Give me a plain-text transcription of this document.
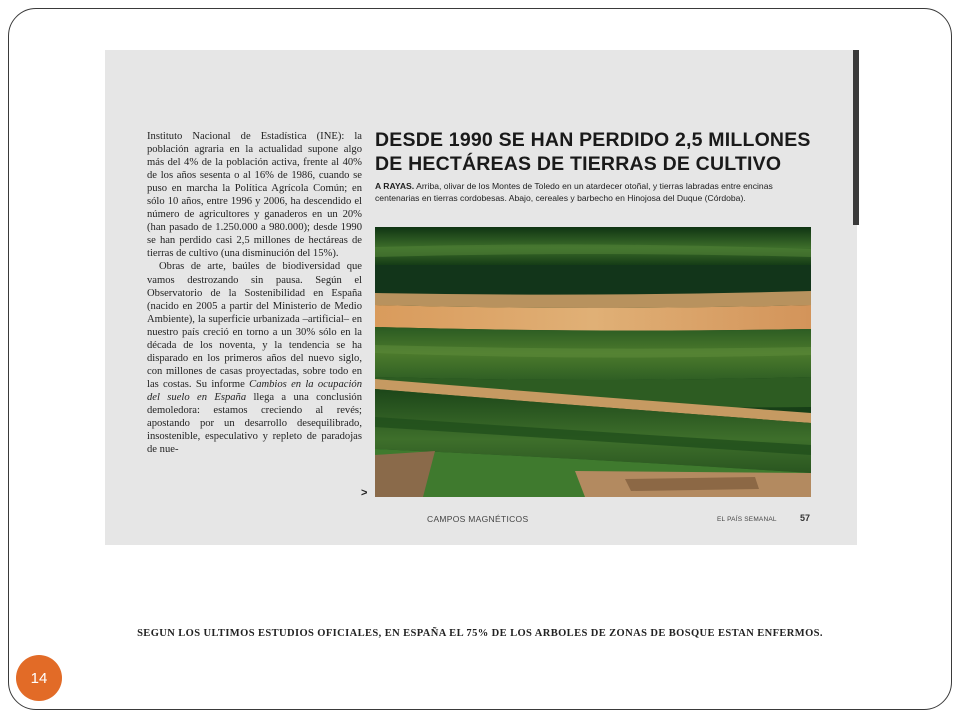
Instituto Nacional de Estadística (INE): la población agraria en la actualidad supone algo más del 4% de la población activa, frente al 40% de los años sesenta o al 16% de 1986, cuando se puso en marcha la Política Agrícola Común; en sólo 10 años, entre 1996 y 2006, ha descendido el número de agricultores y ganaderos en un 20% (han pasado de 1.250.000 a 980.000); desde 1990 se han perdido casi 2,5 millones de hectáreas de tierras de cultivo (una disminución del 15%).

Obras de arte, baúles de biodiversidad que vamos destrozando sin pausa. Según el Observatorio de la Sostenibilidad en España (nacido en 2005 a partir del Ministerio de Medio Ambiente), la superficie urbanizada –artificial– en nuestro país creció en torno a un 30% sólo en la década de los noventa, y la tendencia se ha disparado en los primeros años del nuevo siglo, con millones de casas proyectadas, sobre todo en las costas. Su informe Cambios en la ocupación del suelo en España llega a una conclusión demoledora: estamos creciendo al revés; apostando por un desarrollo desequilibrado, insostenible, especulativo y repleto de paradojas de nue-

>
DESDE 1990 SE HAN PERDIDO 2,5 MILLONES
DE HECTÁREAS DE TIERRAS DE CULTIVO
A RAYAS. Arriba, olivar de los Montes de Toledo en un atardecer otoñal, y tierras labradas entre encinas centenarias en tierras cordobesas. Abajo, cereales y barbecho en Hinojosa del Duque (Córdoba).
CAMPOS MAGNÉTICOS	EL PAÍS SEMANAL	57
SEGUN LOS ULTIMOS ESTUDIOS OFICIALES, EN ESPAÑA EL 75% DE LOS ARBOLES DE ZONAS DE BOSQUE ESTAN ENFERMOS.
14
